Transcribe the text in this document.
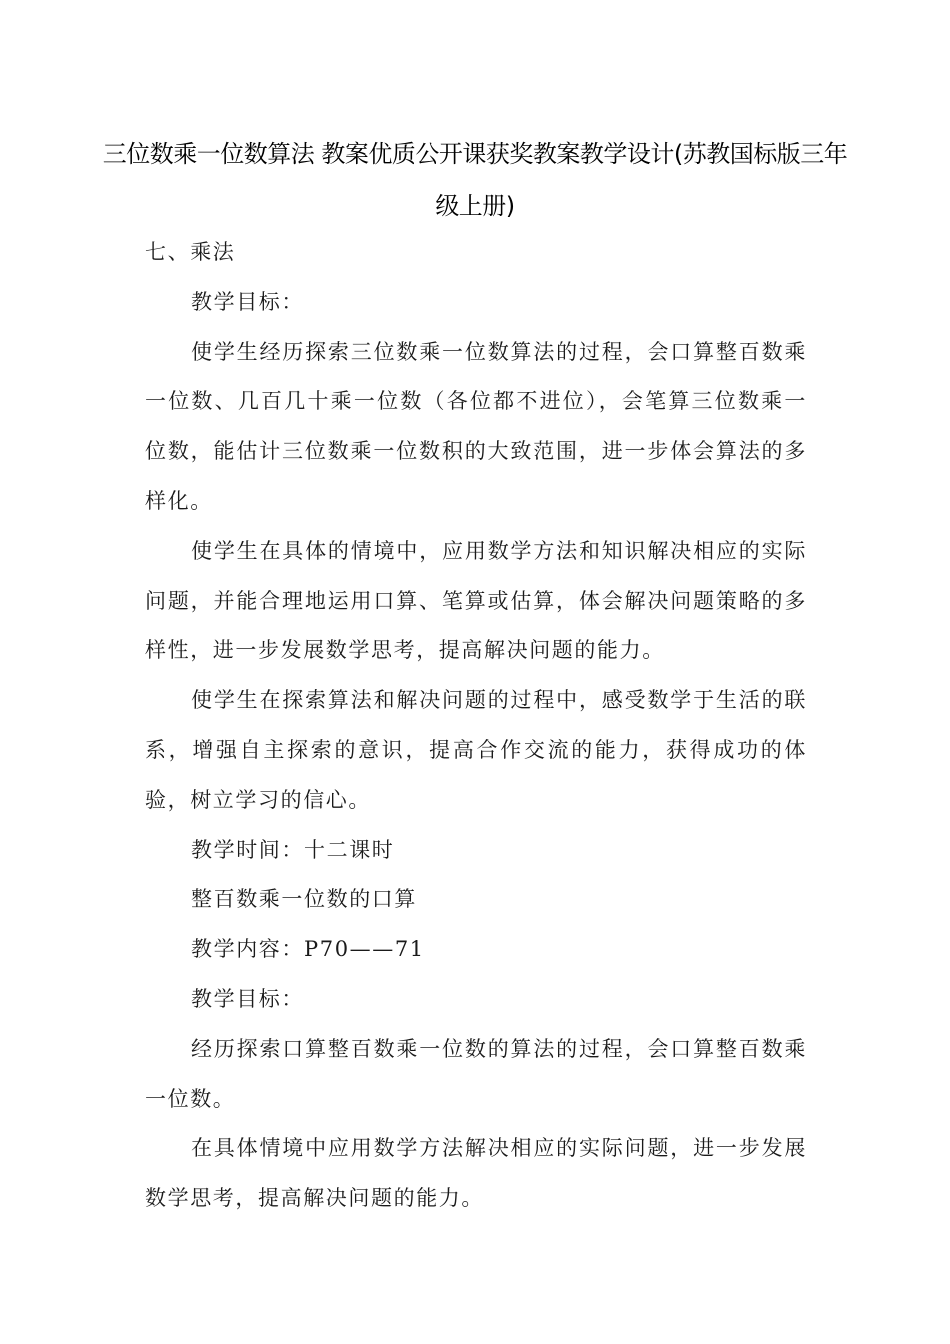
三位数乘一位数算法 教案优质公开课获奖教案教学设计(苏教国标版三年级上册)

七、乘法

教学目标：

使学生经历探索三位数乘一位数算法的过程，会口算整百数乘一位数、几百几十乘一位数（各位都不进位），会笔算三位数乘一位数，能估计三位数乘一位数积的大致范围，进一步体会算法的多样化。

使学生在具体的情境中，应用数学方法和知识解决相应的实际问题，并能合理地运用口算、笔算或估算，体会解决问题策略的多样性，进一步发展数学思考，提高解决问题的能力。

使学生在探索算法和解决问题的过程中，感受数学于生活的联系，增强自主探索的意识，提高合作交流的能力，获得成功的体验，树立学习的信心。

教学时间：十二课时

整百数乘一位数的口算

教学内容：P70——71

教学目标：

经历探索口算整百数乘一位数的算法的过程，会口算整百数乘一位数。

在具体情境中应用数学方法解决相应的实际问题，进一步发展数学思考，提高解决问题的能力。
